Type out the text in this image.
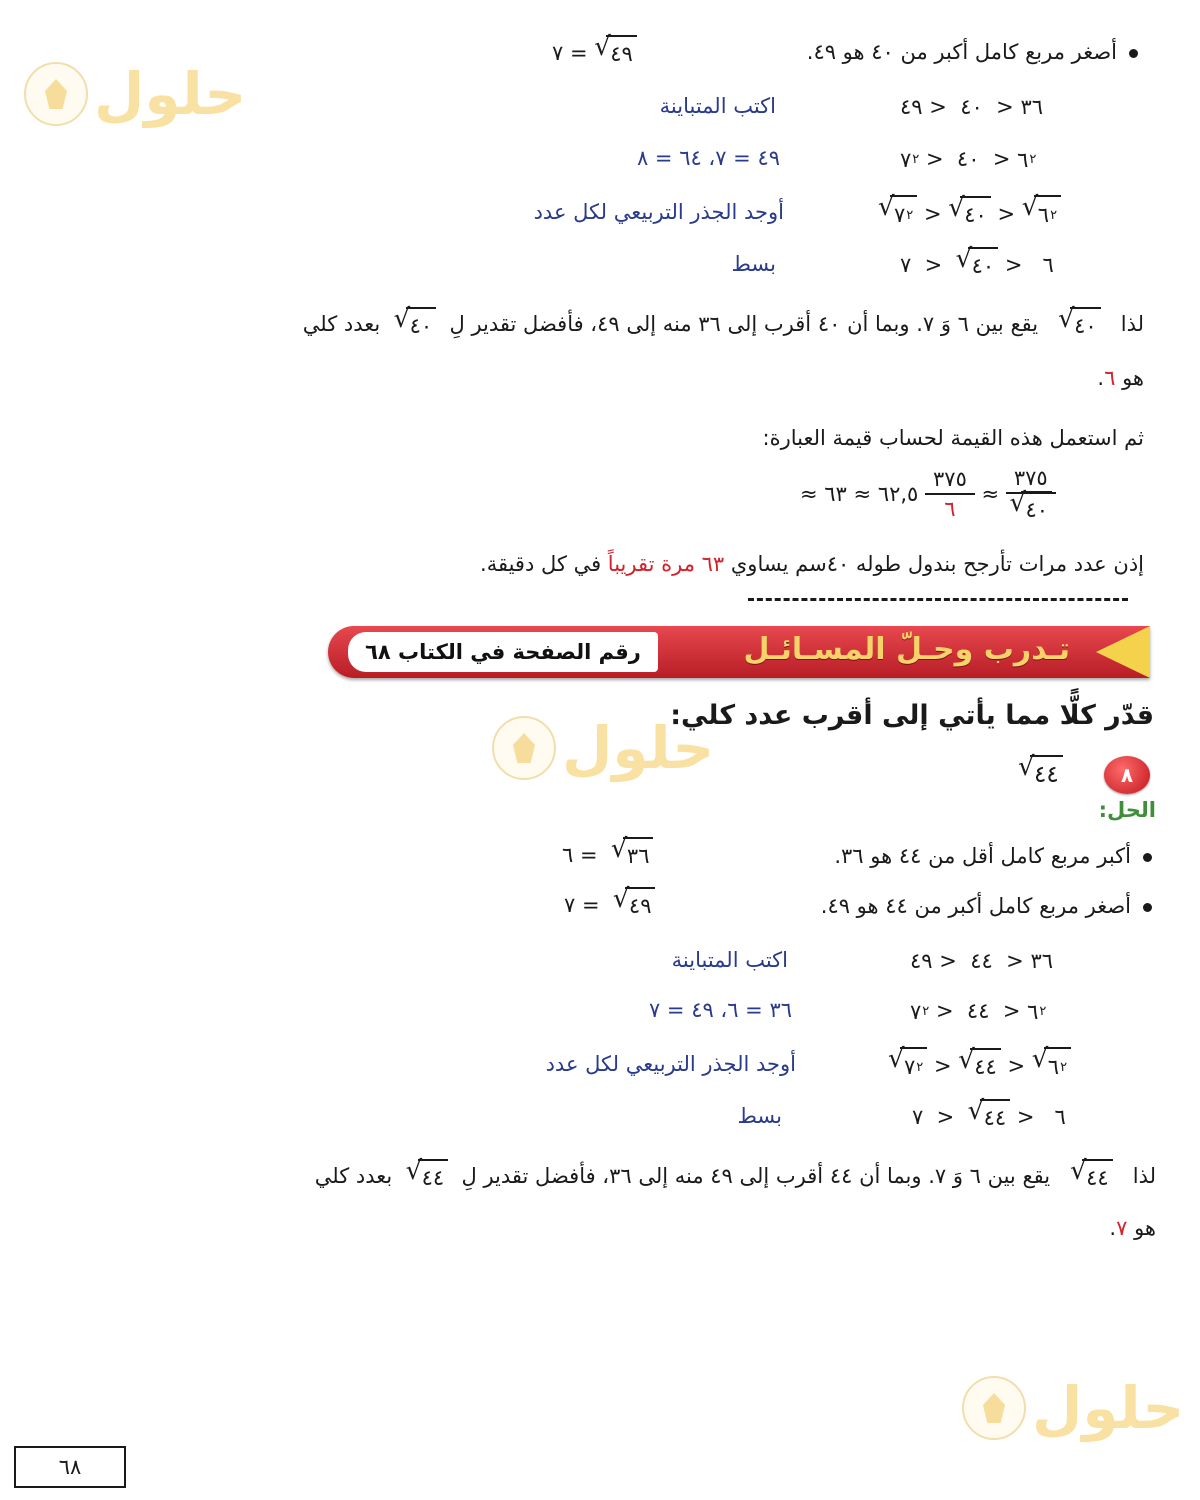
حلول
حلول
حلول
أصغر مربع كامل أكبر من ٤٠ هو ٤٩.
٧ = √ ٤٩
٤٩ > ٤٠ > ٣٦
اكتب المتباينة
٧٢ > ٤٠ > ٦٢
٤٩ = ٧، ٦٤ = ٨
√ ٧٢ > √ ٤٠ > √ ٦٢
أوجد الجذر التربيعي لكل عدد
٧ > √ ٤٠ > ٦
بسط
لذا
√ ٤٠   يقع بين ٦ وَ ٧. وبما أن ٤٠ أقرب إلى ٣٦ منه إلى ٤٩، فأفضل تقدير لِ
√ ٤٠  بعدد كلي
هو ٦.
ثم استعمل هذه القيمة لحساب قيمة العبارة:
≈ ٦٣ ≈ ٦٢,٥ $\frac{٣٧٥}{٦} \approx \frac{٣٧٥}{√ ٤٠}$
إذن عدد مرات تأرجح بندول طوله ٤٠سم يساوي ٦٣ مرة تقريباً في كل دقيقة.
تـدرب وحـلّ المسـائـل
رقم الصفحة في الكتاب ٦٨
قدّر كلًّا مما يأتي إلى أقرب عدد كلي:
٨
√ ٤٤
الحل:
أكبر مربع كامل أقل من ٤٤ هو ٣٦.
٦ = √ ٣٦
أصغر مربع كامل أكبر من ٤٤ هو ٤٩.
٧ = √ ٤٩
٤٩ > ٤٤ > ٣٦
اكتب المتباينة
٧٢ > ٤٤ > ٦٢
٣٦ = ٦، ٤٩ = ٧
√ ٧٢ > √ ٤٤ > √ ٦٢
أوجد الجذر التربيعي لكل عدد
٧ > √ ٤٤ > ٦
بسط
لذا
√ ٤٤   يقع بين ٦ وَ ٧. وبما أن ٤٤ أقرب إلى ٤٩ منه إلى ٣٦، فأفضل تقدير لِ
√ ٤٤  بعدد كلي
هو ٧.
٦٨
